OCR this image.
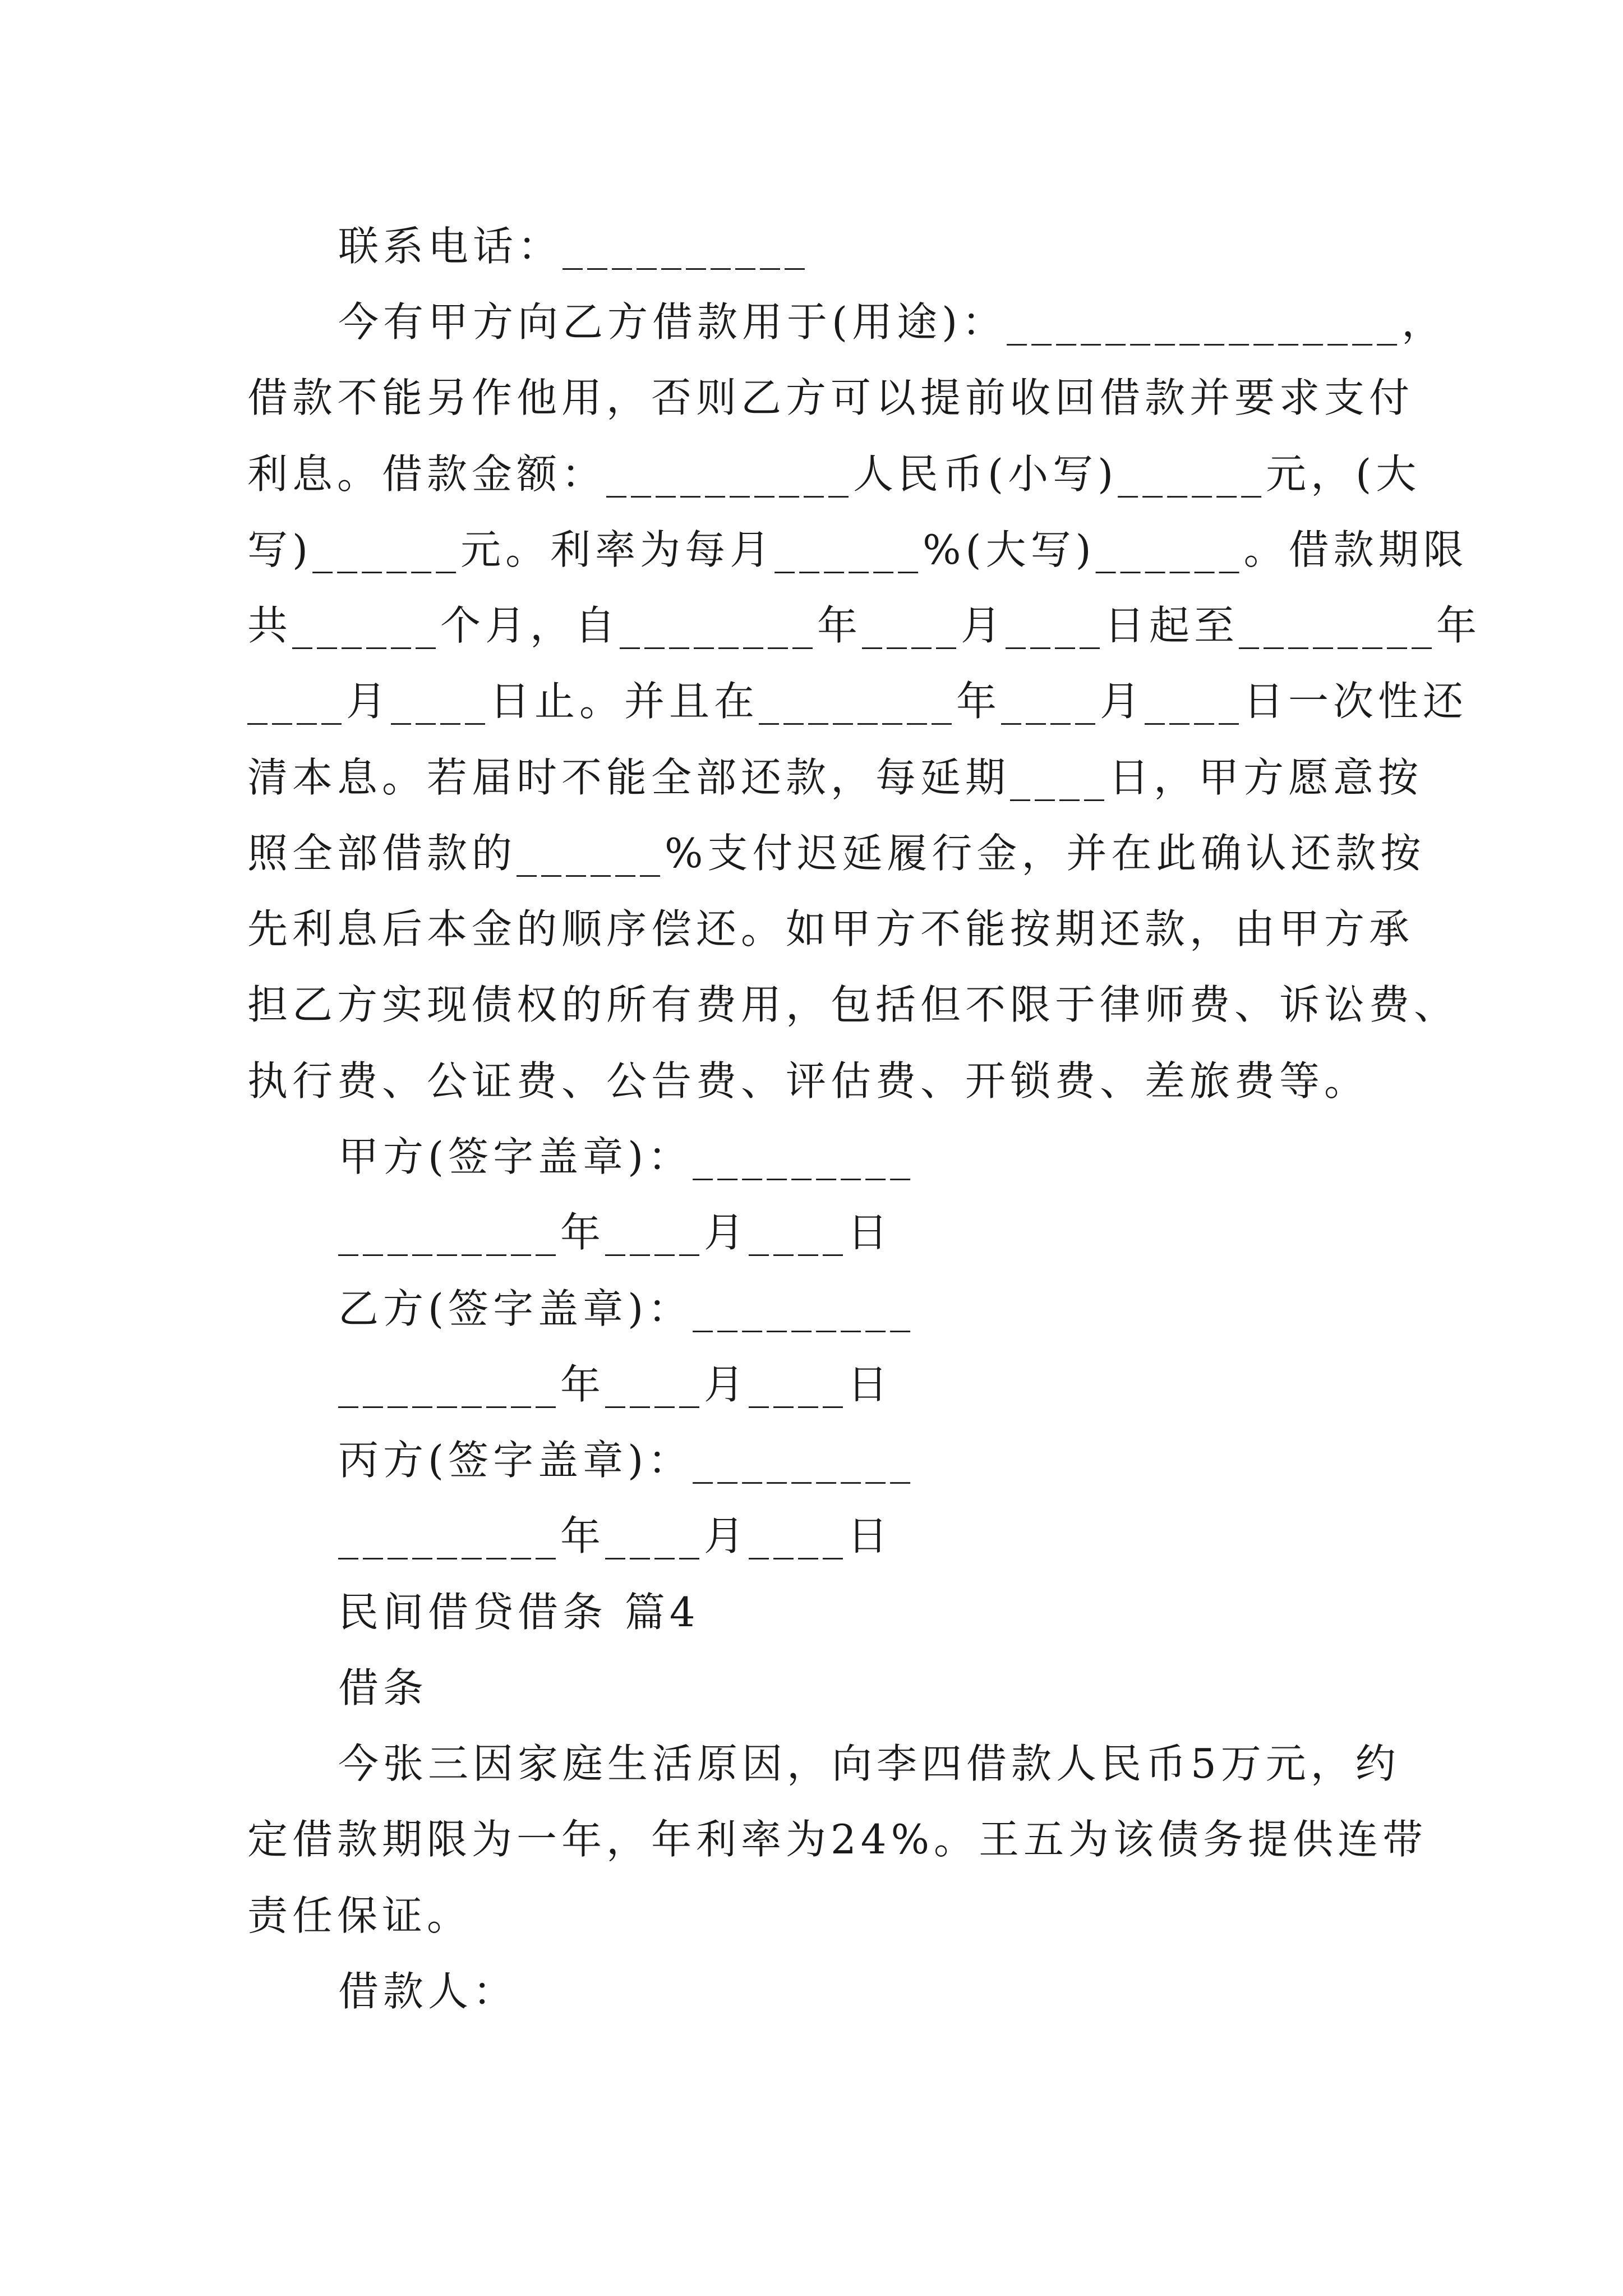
联系电话：__________
今有甲方向乙方借款用于(用途)：________________，
借款不能另作他用，否则乙方可以提前收回借款并要求支付
利息。借款金额：__________人民币(小写)______元，(大
写)______元。利率为每月______%(大写)______。借款期限
共______个月，自________年____月____日起至________年
____月____日止。并且在________年____月____日一次性还
清本息。若届时不能全部还款，每延期____日，甲方愿意按
照全部借款的______%支付迟延履行金，并在此确认还款按
先利息后本金的顺序偿还。如甲方不能按期还款，由甲方承
担乙方实现债权的所有费用，包括但不限于律师费、诉讼费、
执行费、公证费、公告费、评估费、开锁费、差旅费等。
甲方(签字盖章)：_________
_________年____月____日
乙方(签字盖章)：_________
_________年____月____日
丙方(签字盖章)：_________
_________年____月____日
民间借贷借条 篇4
借条
今张三因家庭生活原因，向李四借款人民币5万元，约
定借款期限为一年，年利率为24%。王五为该债务提供连带
责任保证。
借款人：
